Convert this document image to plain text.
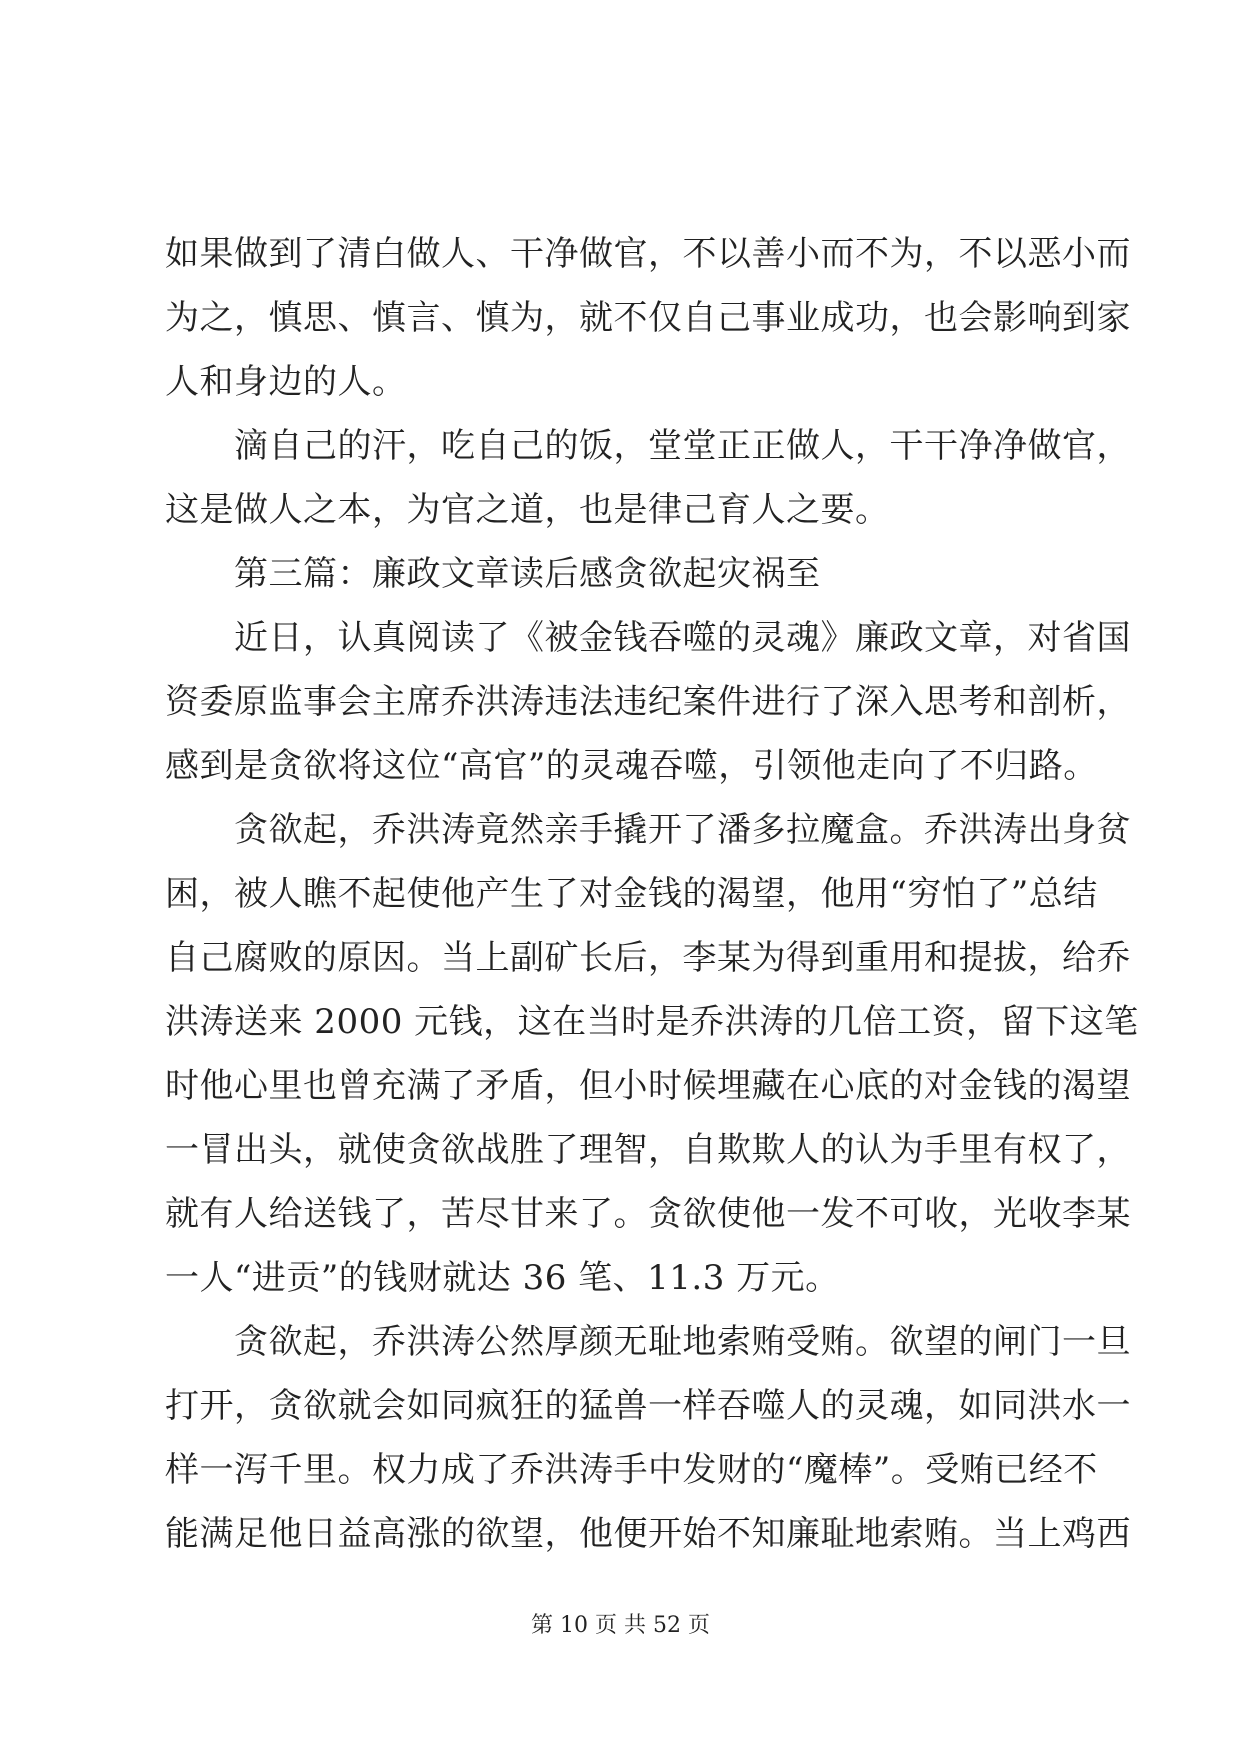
如果做到了清白做人、干净做官，不以善小而不为，不以恶小而
为之，慎思、慎言、慎为，就不仅自己事业成功，也会影响到家
人和身边的人。
　　滴自己的汗，吃自己的饭，堂堂正正做人，干干净净做官，
这是做人之本，为官之道，也是律己育人之要。
　　第三篇：廉政文章读后感贪欲起灾祸至
　　近日，认真阅读了《被金钱吞噬的灵魂》廉政文章，对省国
资委原监事会主席乔洪涛违法违纪案件进行了深入思考和剖析，
感到是贪欲将这位“高官”的灵魂吞噬，引领他走向了不归路。
　　贪欲起，乔洪涛竟然亲手撬开了潘多拉魔盒。乔洪涛出身贫
困，被人瞧不起使他产生了对金钱的渴望，他用“穷怕了”总结
自己腐败的原因。当上副矿长后，李某为得到重用和提拔，给乔
洪涛送来 2000 元钱，这在当时是乔洪涛的几倍工资，留下这笔
时他心里也曾充满了矛盾，但小时候埋藏在心底的对金钱的渴望
一冒出头，就使贪欲战胜了理智，自欺欺人的认为手里有权了，
就有人给送钱了，苦尽甘来了。贪欲使他一发不可收，光收李某
一人“进贡”的钱财就达 36 笔、11.3 万元。
　　贪欲起，乔洪涛公然厚颜无耻地索贿受贿。欲望的闸门一旦
打开，贪欲就会如同疯狂的猛兽一样吞噬人的灵魂，如同洪水一
样一泻千里。权力成了乔洪涛手中发财的“魔棒”。受贿已经不
能满足他日益高涨的欲望，他便开始不知廉耻地索贿。当上鸡西
第 10 页 共 52 页
